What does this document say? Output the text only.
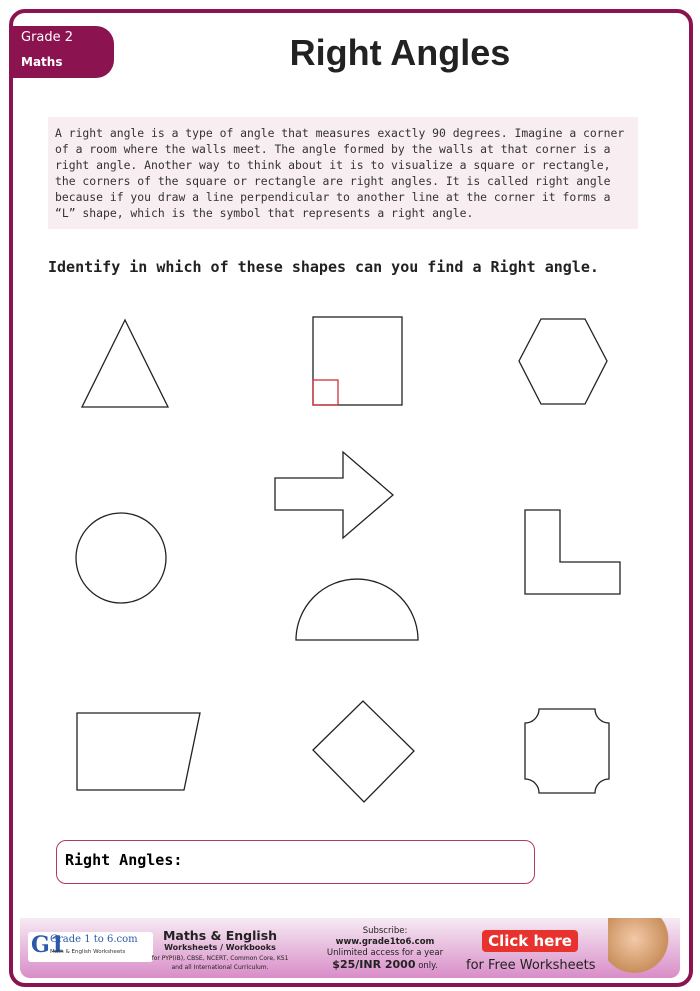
Grade 2
Maths	Right Angles
A right angle is a type of angle that measures exactly 90 degrees. Imagine a corner of a room where the walls meet. The angle formed by the walls at that corner is a right angle. Another way to think about it is to visualize a square or rectangle, the corners of the square or rectangle are right angles. It is called right angle because if you draw a line perpendicular to another line at the corner it forms a “L” shape, which is the symbol that represents a right angle.
Identify in which of these shapes can you find a Right angle.
Right Angles:
G1
Grade 1 to 6.com
Math & English Worksheets
Maths & English
Worksheets / Workbooks
for PYP(IB), CBSE, NCERT, Common Core, KS1 and all International Curriculum.
Subscribe:
www.grade1to6.com
Unlimited access for a year
$25/INR 2000 only.
Click here
for Free Worksheets
